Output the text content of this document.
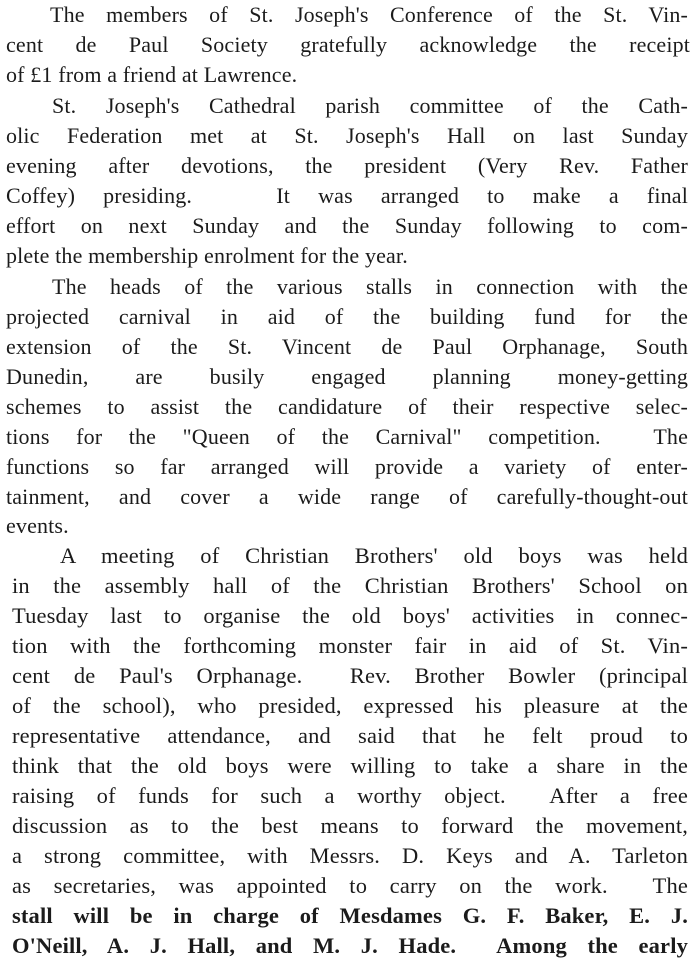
The members of St. Joseph's Conference of the St. Vin-
cent de Paul Society gratefully acknowledge the receipt
of £1 from a friend at Lawrence.
St. Joseph's Cathedral parish committee of the Cath-
olic Federation met at St. Joseph's Hall on last Sunday
evening after devotions, the president (Very Rev. Father
Coffey) presiding.   It was arranged to make a final
effort on next Sunday and the Sunday following to com-
plete the membership enrolment for the year.
The heads of the various stalls in connection with the
projected carnival in aid of the building fund for the
extension of the St. Vincent de Paul Orphanage, South
Dunedin, are busily engaged planning money-getting
schemes to assist the candidature of their respective selec-
tions for the "Queen of the Carnival" competition.  The
functions so far arranged will provide a variety of enter-
tainment, and cover a wide range of carefully-thought-out
events.
A meeting of Christian Brothers' old boys was held
in the assembly hall of the Christian Brothers' School on
Tuesday last to organise the old boys' activities in connec-
tion with the forthcoming monster fair in aid of St. Vin-
cent de Paul's Orphanage.  Rev. Brother Bowler (principal
of the school), who presided, expressed his pleasure at the
representative attendance, and said that he felt proud to
think that the old boys were willing to take a share in the
raising of funds for such a worthy object.  After a free
discussion as to the best means to forward the movement,
a strong committee, with Messrs. D. Keys and A. Tarleton
as secretaries, was appointed to carry on the work.  The
stall will be in charge of Mesdames G. F. Baker, E. J.
O'Neill, A. J. Hall, and M. J. Hade.  Among the early
